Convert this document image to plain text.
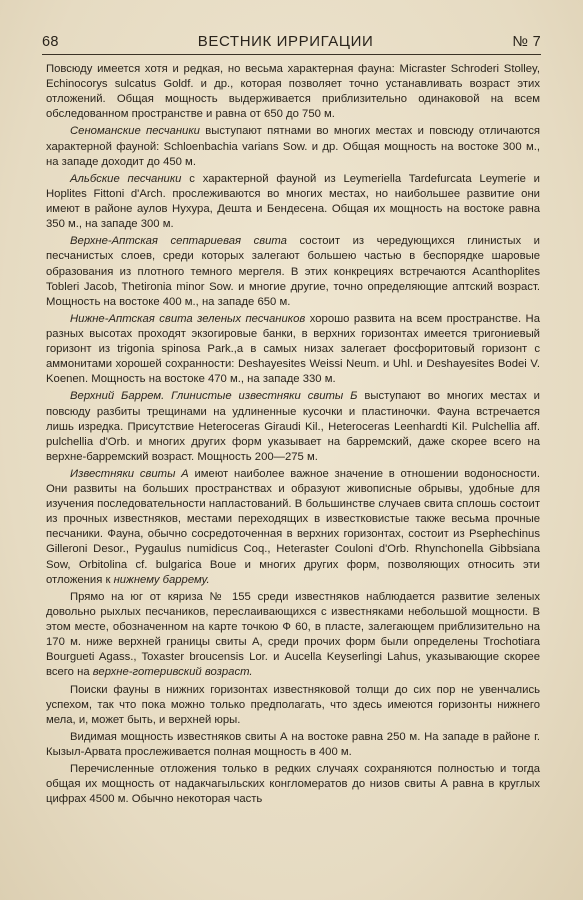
68	ВЕСТНИК ИРРИГАЦИИ	№ 7

Повсюду имеется хотя и редкая, но весьма характерная фауна: Micraster Schroderi Stolley, Echinocorys sulcatus Goldf. и др., которая позволяет точно устанавливать возраст этих отложений. Общая мощность выдерживается приблизительно одинаковой на всем обследованном пространстве и равна от 650 до 750 м.

Сеноманские песчаники выступают пятнами во многих местах и повсюду отличаются характерной фауной: Schloenbachia varians Sow. и др. Общая мощность на востоке 300 м., на западе доходит до 450 м.

Альбские песчаники с характерной фауной из Leymeriella Tardefurcata Leymerie и Hoplites Fittoni d'Arch. прослеживаются во многих местах, но наибольшее развитие они имеют в районе аулов Нухура, Дешта и Бендесена. Общая их мощность на востоке равна 350 м., на западе 300 м.

Верхне-Аптская септариевая свита состоит из чередующихся глинистых и песчанистых слоев, среди которых залегают большею частью в беспорядке шаровые образования из плотного темного мергеля. В этих конкрециях встречаются Acanthoplites Tobleri Jacob, Thetironia minor Sow. и многие другие, точно определяющие аптский возраст. Мощность на востоке 400 м., на западе 650 м.

Нижне-Аптская свита зеленых песчаников хорошо развита на всем пространстве. На разных высотах проходят экзогировые банки, в верхних горизонтах имеется тригониевый горизонт из trigonia spinosa Park.,а в самых низах залегает фосфоритовый горизонт с аммонитами хорошей сохранности: Deshayesites Weissi Neum. и Uhl. и Deshayesites Bodei V. Koenen. Мощность на востоке 470 м., на западе 330 м.

Верхний Баррем. Глинистые известняки свиты Б выступают во многих местах и повсюду разбиты трещинами на удлиненные кусочки и пластиночки. Фауна встречается лишь изредка. Присутствие Heteroceras Giraudi Kil., Heteroceras Leenhardti Kil. Pulchellia aff. pulchellia d'Orb. и многих других форм указывает на барремский, даже скорее всего на верхне-барремский возраст. Мощность 200—275 м.

Известняки свиты А имеют наиболее важное значение в отношении водоносности. Они развиты на больших пространствах и образуют живописные обрывы, удобные для изучения последовательности напластований. В большинстве случаев свита сплошь состоит из прочных известняков, местами переходящих в известковистые также весьма прочные песчаники. Фауна, обычно сосредоточенная в верхних горизонтах, состоит из Psephechinus Gilleroni Desor., Pygaulus numidicus Coq., Heteraster Couloni d'Orb. Rhynchonella Gibbsiana Sow, Orbitolina cf. bulgarica Boue и многих других форм, позволяющих относить эти отложения к нижнему баррему.

Прямо на юг от кяриза № 155 среди известняков наблюдается развитие зеленых довольно рыхлых песчаников, переслаивающихся с известняками небольшой мощности. В этом месте, обозначенном на карте точкою Ф 60, в пласте, залегающем приблизительно на 170 м. ниже верхней границы свиты А, среди прочих форм были определены Trochotiara Bourgueti Agass., Toxaster broucensis Lor. и Aucella Keyserlingi Lahus, указывающие скорее всего на верхне-готеривский возраст.

Поиски фауны в нижних горизонтах известняковой толщи до сих пор не увенчались успехом, так что пока можно только предполагать, что здесь имеются горизонты нижнего мела, и, может быть, и верхней юры.

Видимая мощность известняков свиты А на востоке равна 250 м. На западе в районе г. Кызыл-Арвата прослеживается полная мощность в 400 м.

Перечисленные отложения только в редких случаях сохраняются полностью и тогда общая их мощность от надакчагыльских конгломератов до низов свиты А равна в круглых цифрах 4500 м. Обычно некоторая часть
